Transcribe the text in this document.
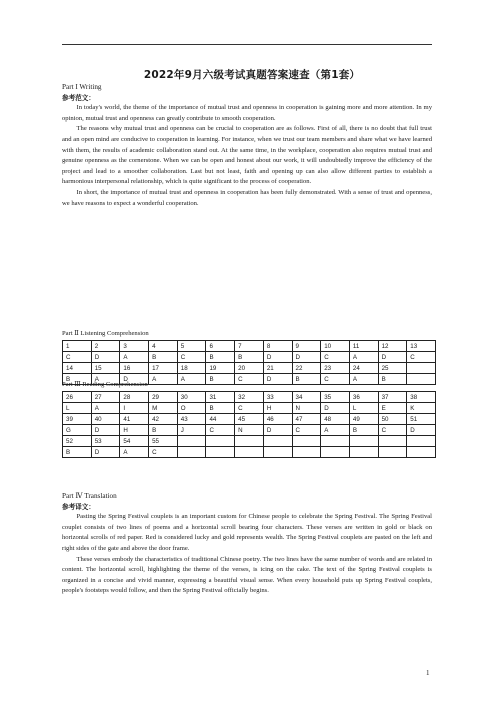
2022年9月六级考试真题答案速查（第1套）

Part I Writing

参考范文：

In today's world, the theme of the importance of mutual trust and openness in cooperation is gaining more and more attention. In my opinion, mutual trust and openness can greatly contribute to smooth cooperation.

The reasons why mutual trust and openness can be crucial to cooperation are as follows. First of all, there is no doubt that full trust and an open mind are conducive to cooperation in learning. For instance, when we trust our team members and share what we have learned with them, the results of academic collaboration stand out. At the same time, in the workplace, cooperation also requires mutual trust and genuine openness as the cornerstone. When we can be open and honest about our work, it will undoubtedly improve the efficiency of the project and lead to a smoother collaboration. Last but not least, faith and opening up can also allow different parties to establish a harmonious interpersonal relationship, which is quite significant to the process of cooperation.

In short, the importance of mutual trust and openness in cooperation has been fully demonstrated. With a sense of trust and openness, we have reasons to expect a wonderful cooperation.

Part Ⅱ Listening Comprehension
1	2	3	4	5	6	7	8	9	10	11	12	13
C	D	A	B	C	B	B	D	D	C	A	D	C
14	15	16	17	18	19	20	21	22	23	24	25	
B	A	D	A	A	B	C	D	B	C	A	B	
Part Ⅲ Reading Comprehension
26	27	28	29	30	31	32	33	34	35	36	37	38
L	A	I	M	O	B	C	H	N	D	L	E	K
39	40	41	42	43	44	45	46	47	48	49	50	51
G	D	H	B	J	C	N	D	C	A	B	C	D
52	53	54	55									
B	D	A	C									

Part Ⅳ Translation

参考译文：

Pasting the Spring Festival couplets is an important custom for Chinese people to celebrate the Spring Festival. The Spring Festival couplet consists of two lines of poems and a horizontal scroll bearing four characters. These verses are written in gold or black on horizontal scrolls of red paper. Red is considered lucky and gold represents wealth. The Spring Festival couplets are pasted on the left and right sides of the gate and above the door frame.

These verses embody the characteristics of traditional Chinese poetry. The two lines have the same number of words and are related in content. The horizontal scroll, highlighting the theme of the verses, is icing on the cake. The text of the Spring Festival couplets is organized in a concise and vivid manner, expressing a beautiful visual sense. When every household puts up Spring Festival couplets, people's footsteps would follow, and then the Spring Festival officially begins.

1
